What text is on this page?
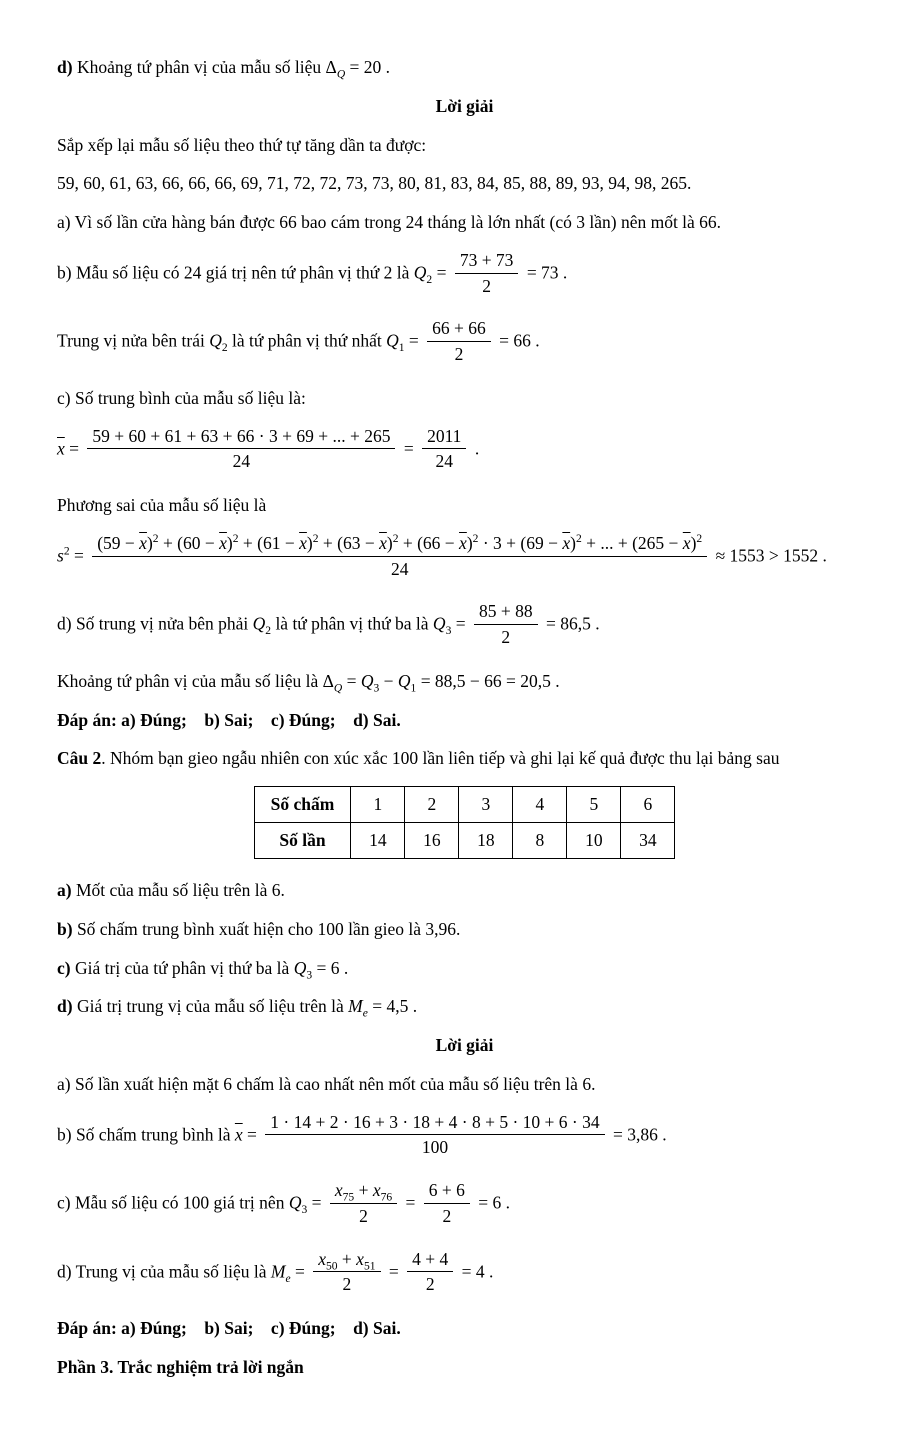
d) Khoảng tứ phân vị của mẫu số liệu $\Delta_Q = 20$ .

Lời giải

Sắp xếp lại mẫu số liệu theo thứ tự tăng dần ta được:

59, 60, 61, 63, 66, 66, 66, 69, 71, 72, 72, 73, 73, 80, 81, 83, 84, 85, 88, 89, 93, 94, 98, 265.

a) Vì số lần cửa hàng bán được 66 bao cám trong 24 tháng là lớn nhất (có 3 lần) nên mốt là 66.

b) Mẫu số liệu có 24 giá trị nên tứ phân vị thứ 2 là $Q_2 = \frac{73 + 73}{2} = 73$ .

Trung vị nửa bên trái $Q_2$ là tứ phân vị thứ nhất $Q_1 = \frac{66 + 66}{2} = 66$ .

c) Số trung bình của mẫu số liệu là:

$\overline{x} = \frac{59 + 60 + 61 + 63 + 66 \cdot 3 + 69 + ... + 265}{24} = \frac{2011}{24}$ .

Phương sai của mẫu số liệu là

$s^2$ =
$(59 - \overline{x})^2 + (60 - \overline{x})^2 + (61 - \overline{x})^2 + (63 - \overline{x})^2 + (66 - \overline{x})^2 \cdot 3 + (69 - \overline{x})^2$ + ... + $(265 - \overline{x})^2$
24
≈ 1553 > 1552 .

d) Số trung vị nửa bên phải $Q_2$ là tứ phân vị thứ ba là $Q_3 = \frac{85 + 88}{2} = 86,5$ .

Khoảng tứ phân vị của mẫu số liệu là $\Delta_Q = Q_3 - Q_1 = 88,5 - 66 = 20,5$ .

Đáp án: a) Đúng;    b) Sai;    c) Đúng;    d) Sai.

Câu 2. Nhóm bạn gieo ngẫu nhiên con xúc xắc 100 lần liên tiếp và ghi lại kế quả được thu lại bảng sau

Số chấm	1	2	3	4	5	6
Số lần	14	16	18	8	10	34

a) Mốt của mẫu số liệu trên là 6.

b) Số chấm trung bình xuất hiện cho 100 lần gieo là 3,96.

c) Giá trị của tứ phân vị thứ ba là $Q_3 = 6$ .

d) Giá trị trung vị của mẫu số liệu trên là $M_e = 4,5$ .

Lời giải

a) Số lần xuất hiện mặt 6 chấm là cao nhất nên mốt của mẫu số liệu trên là 6.

b) Số chấm trung bình là $\overline{x} = \frac{1 \cdot 14 + 2 \cdot 16 + 3 \cdot 18 + 4 \cdot 8 + 5 \cdot 10 + 6 \cdot 34}{100} = 3,86$ .

c) Mẫu số liệu có 100 giá trị nên $Q_3 = \frac{x_{75} + x_{76}}{2} = \frac{6 + 6}{2} = 6$ .

d) Trung vị của mẫu số liệu là $M_e = \frac{x_{50} + x_{51}}{2} = \frac{4 + 4}{2} = 4$ .

Đáp án: a) Đúng;    b) Sai;    c) Đúng;    d) Sai.

Phần 3. Trắc nghiệm trả lời ngắn
